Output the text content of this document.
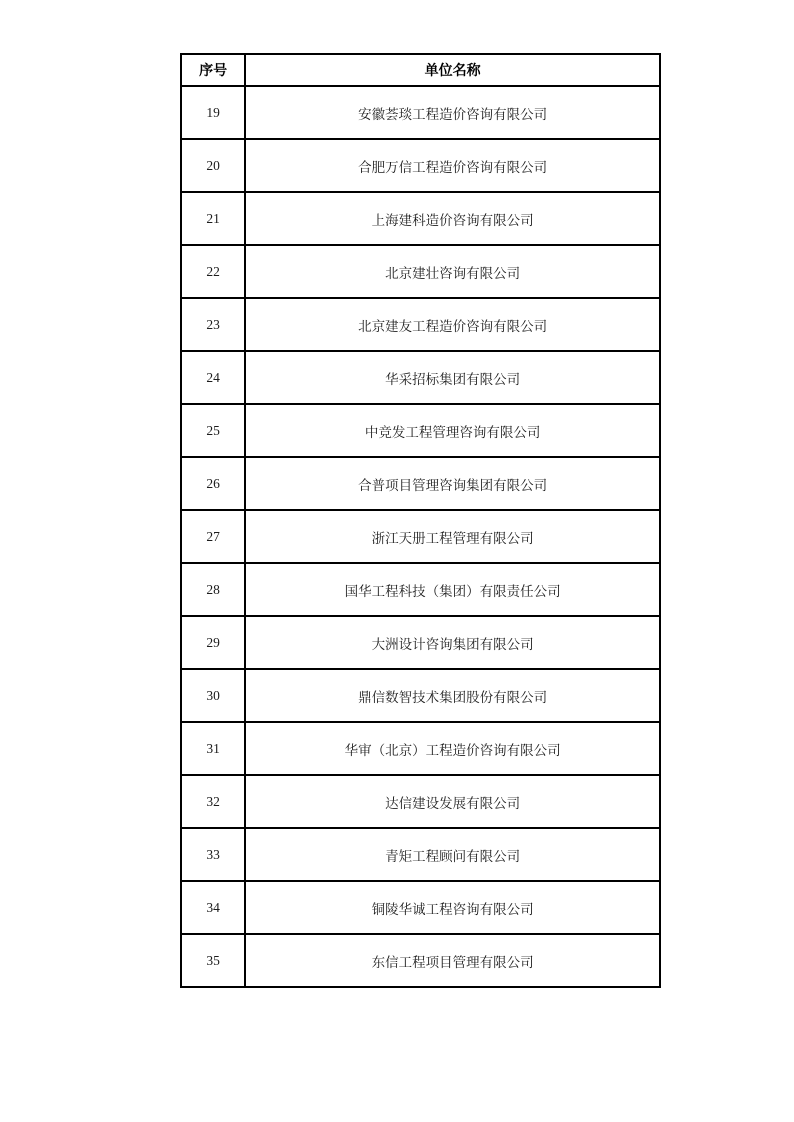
序号	单位名称
19	安徽荟琰工程造价咨询有限公司
20	合肥万信工程造价咨询有限公司
21	上海建科造价咨询有限公司
22	北京建壮咨询有限公司
23	北京建友工程造价咨询有限公司
24	华采招标集团有限公司
25	中竞发工程管理咨询有限公司
26	合普项目管理咨询集团有限公司
27	浙江天册工程管理有限公司
28	国华工程科技（集团）有限责任公司
29	大洲设计咨询集团有限公司
30	鼎信数智技术集团股份有限公司
31	华审（北京）工程造价咨询有限公司
32	达信建设发展有限公司
33	青矩工程顾问有限公司
34	铜陵华诚工程咨询有限公司
35	东信工程项目管理有限公司
